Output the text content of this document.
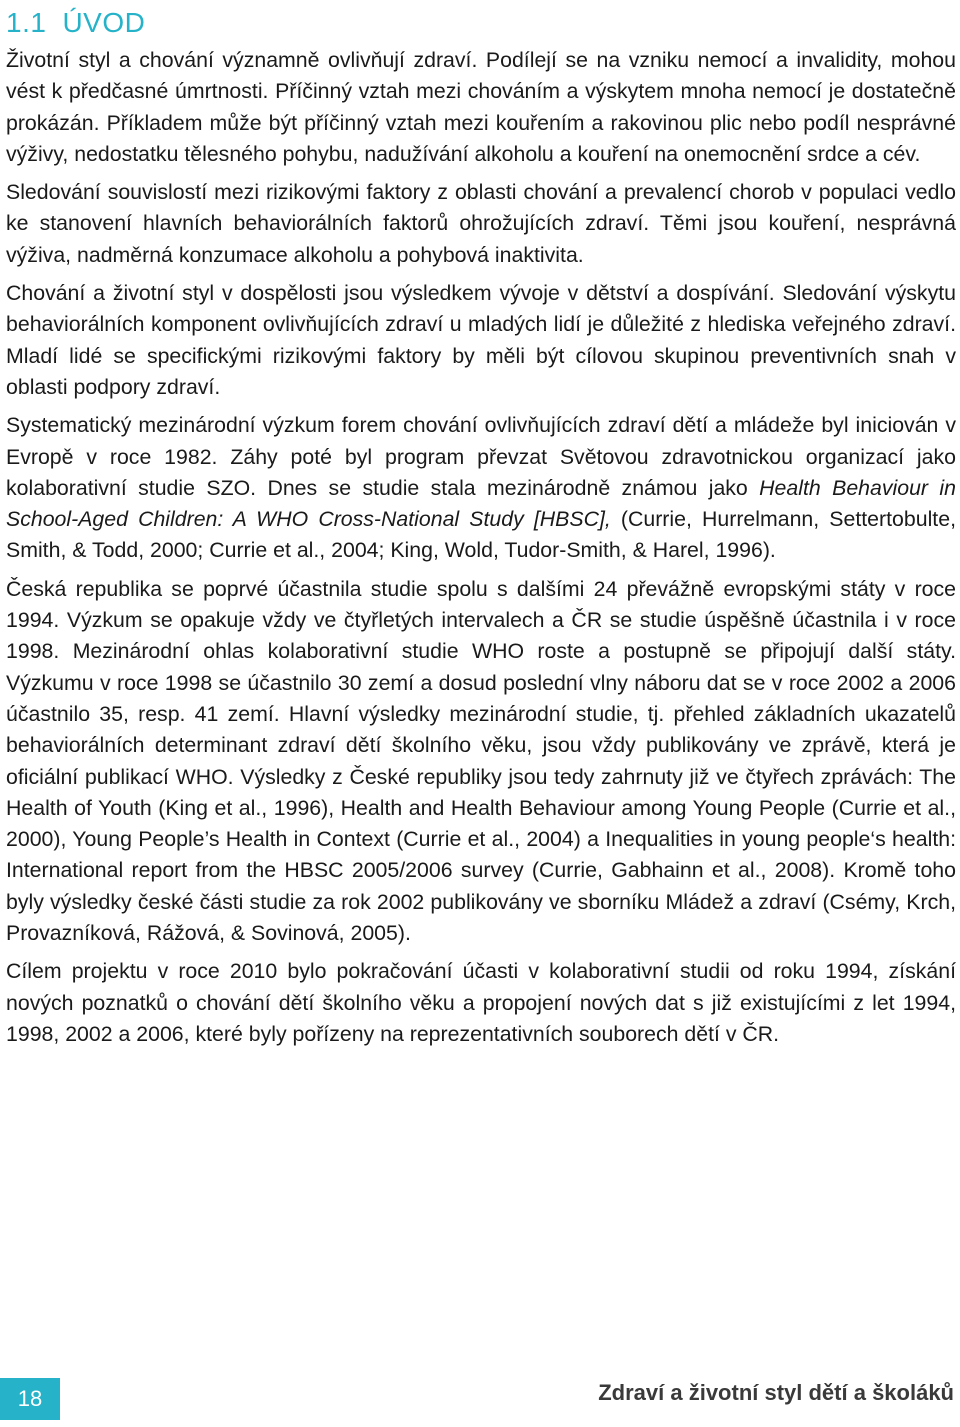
1.1 ÚVOD

Životní styl a chování významně ovlivňují zdraví. Podílejí se na vzniku nemocí a invalidity, mohou vést k předčasné úmrtnosti. Příčinný vztah mezi chováním a výskytem mnoha nemocí je dostatečně prokázán. Příkladem může být příčinný vztah mezi kouřením a rakovinou plic nebo podíl nesprávné výživy, nedostatku tělesného pohybu, nadužívání alkoholu a kouření na onemocnění srdce a cév.

Sledování souvislostí mezi rizikovými faktory z oblasti chování a prevalencí chorob v populaci vedlo ke stanovení hlavních behaviorálních faktorů ohrožujících zdraví. Těmi jsou kouření, nesprávná výživa, nadměrná konzumace alkoholu a pohybová inaktivita.

Chování a životní styl v dospělosti jsou výsledkem vývoje v dětství a dospívání. Sledování výskytu behaviorálních komponent ovlivňujících zdraví u mladých lidí je důležité z hlediska veřejného zdraví. Mladí lidé se specifickými rizikovými faktory by měli být cílovou skupinou preventivních snah v oblasti podpory zdraví.

Systematický mezinárodní výzkum forem chování ovlivňujících zdraví dětí a mládeže byl iniciován v Evropě v roce 1982. Záhy poté byl program převzat Světovou zdravotnickou organizací jako kolaborativní studie SZO. Dnes se studie stala mezinárodně známou jako Health Behaviour in School-Aged Children: A WHO Cross-National Study [HBSC], (Currie, Hurrelmann, Settertobulte, Smith, & Todd, 2000; Currie et al., 2004; King, Wold, Tudor-Smith, & Harel, 1996).

Česká republika se poprvé účastnila studie spolu s dalšími 24 převážně evropskými státy v roce 1994. Výzkum se opakuje vždy ve čtyřletých intervalech a ČR se studie úspěšně účastnila i v roce 1998. Mezinárodní ohlas kolaborativní studie WHO roste a postupně se připojují další státy. Výzkumu v roce 1998 se účastnilo 30 zemí a dosud poslední vlny náboru dat se v roce 2002 a 2006 účastnilo 35, resp. 41 zemí. Hlavní výsledky mezinárodní studie, tj. přehled základních ukazatelů behaviorálních determinant zdraví dětí školního věku, jsou vždy publikovány ve zprávě, která je oficiální publikací WHO. Výsledky z České republiky jsou tedy zahrnuty již ve čtyřech zprávách: The Health of Youth (King et al., 1996), Health and Health Behaviour among Young People (Currie et al., 2000), Young People’s Health in Context (Currie et al., 2004) a Inequalities in young people‘s health: International report from the HBSC 2005/2006 survey (Currie, Gabhainn et al., 2008). Kromě toho byly výsledky české části studie za rok 2002 publikovány ve sborníku Mládež a zdraví (Csémy, Krch, Provazníková, Rážová, & Sovinová, 2005).

Cílem projektu v roce 2010 bylo pokračování účasti v kolaborativní studii od roku 1994, získání nových poznatků o chování dětí školního věku a propojení nových dat s již existujícími z let 1994, 1998, 2002 a 2006, které byly pořízeny na reprezentativních souborech dětí v ČR.

18	Zdraví a životní styl dětí a školáků
